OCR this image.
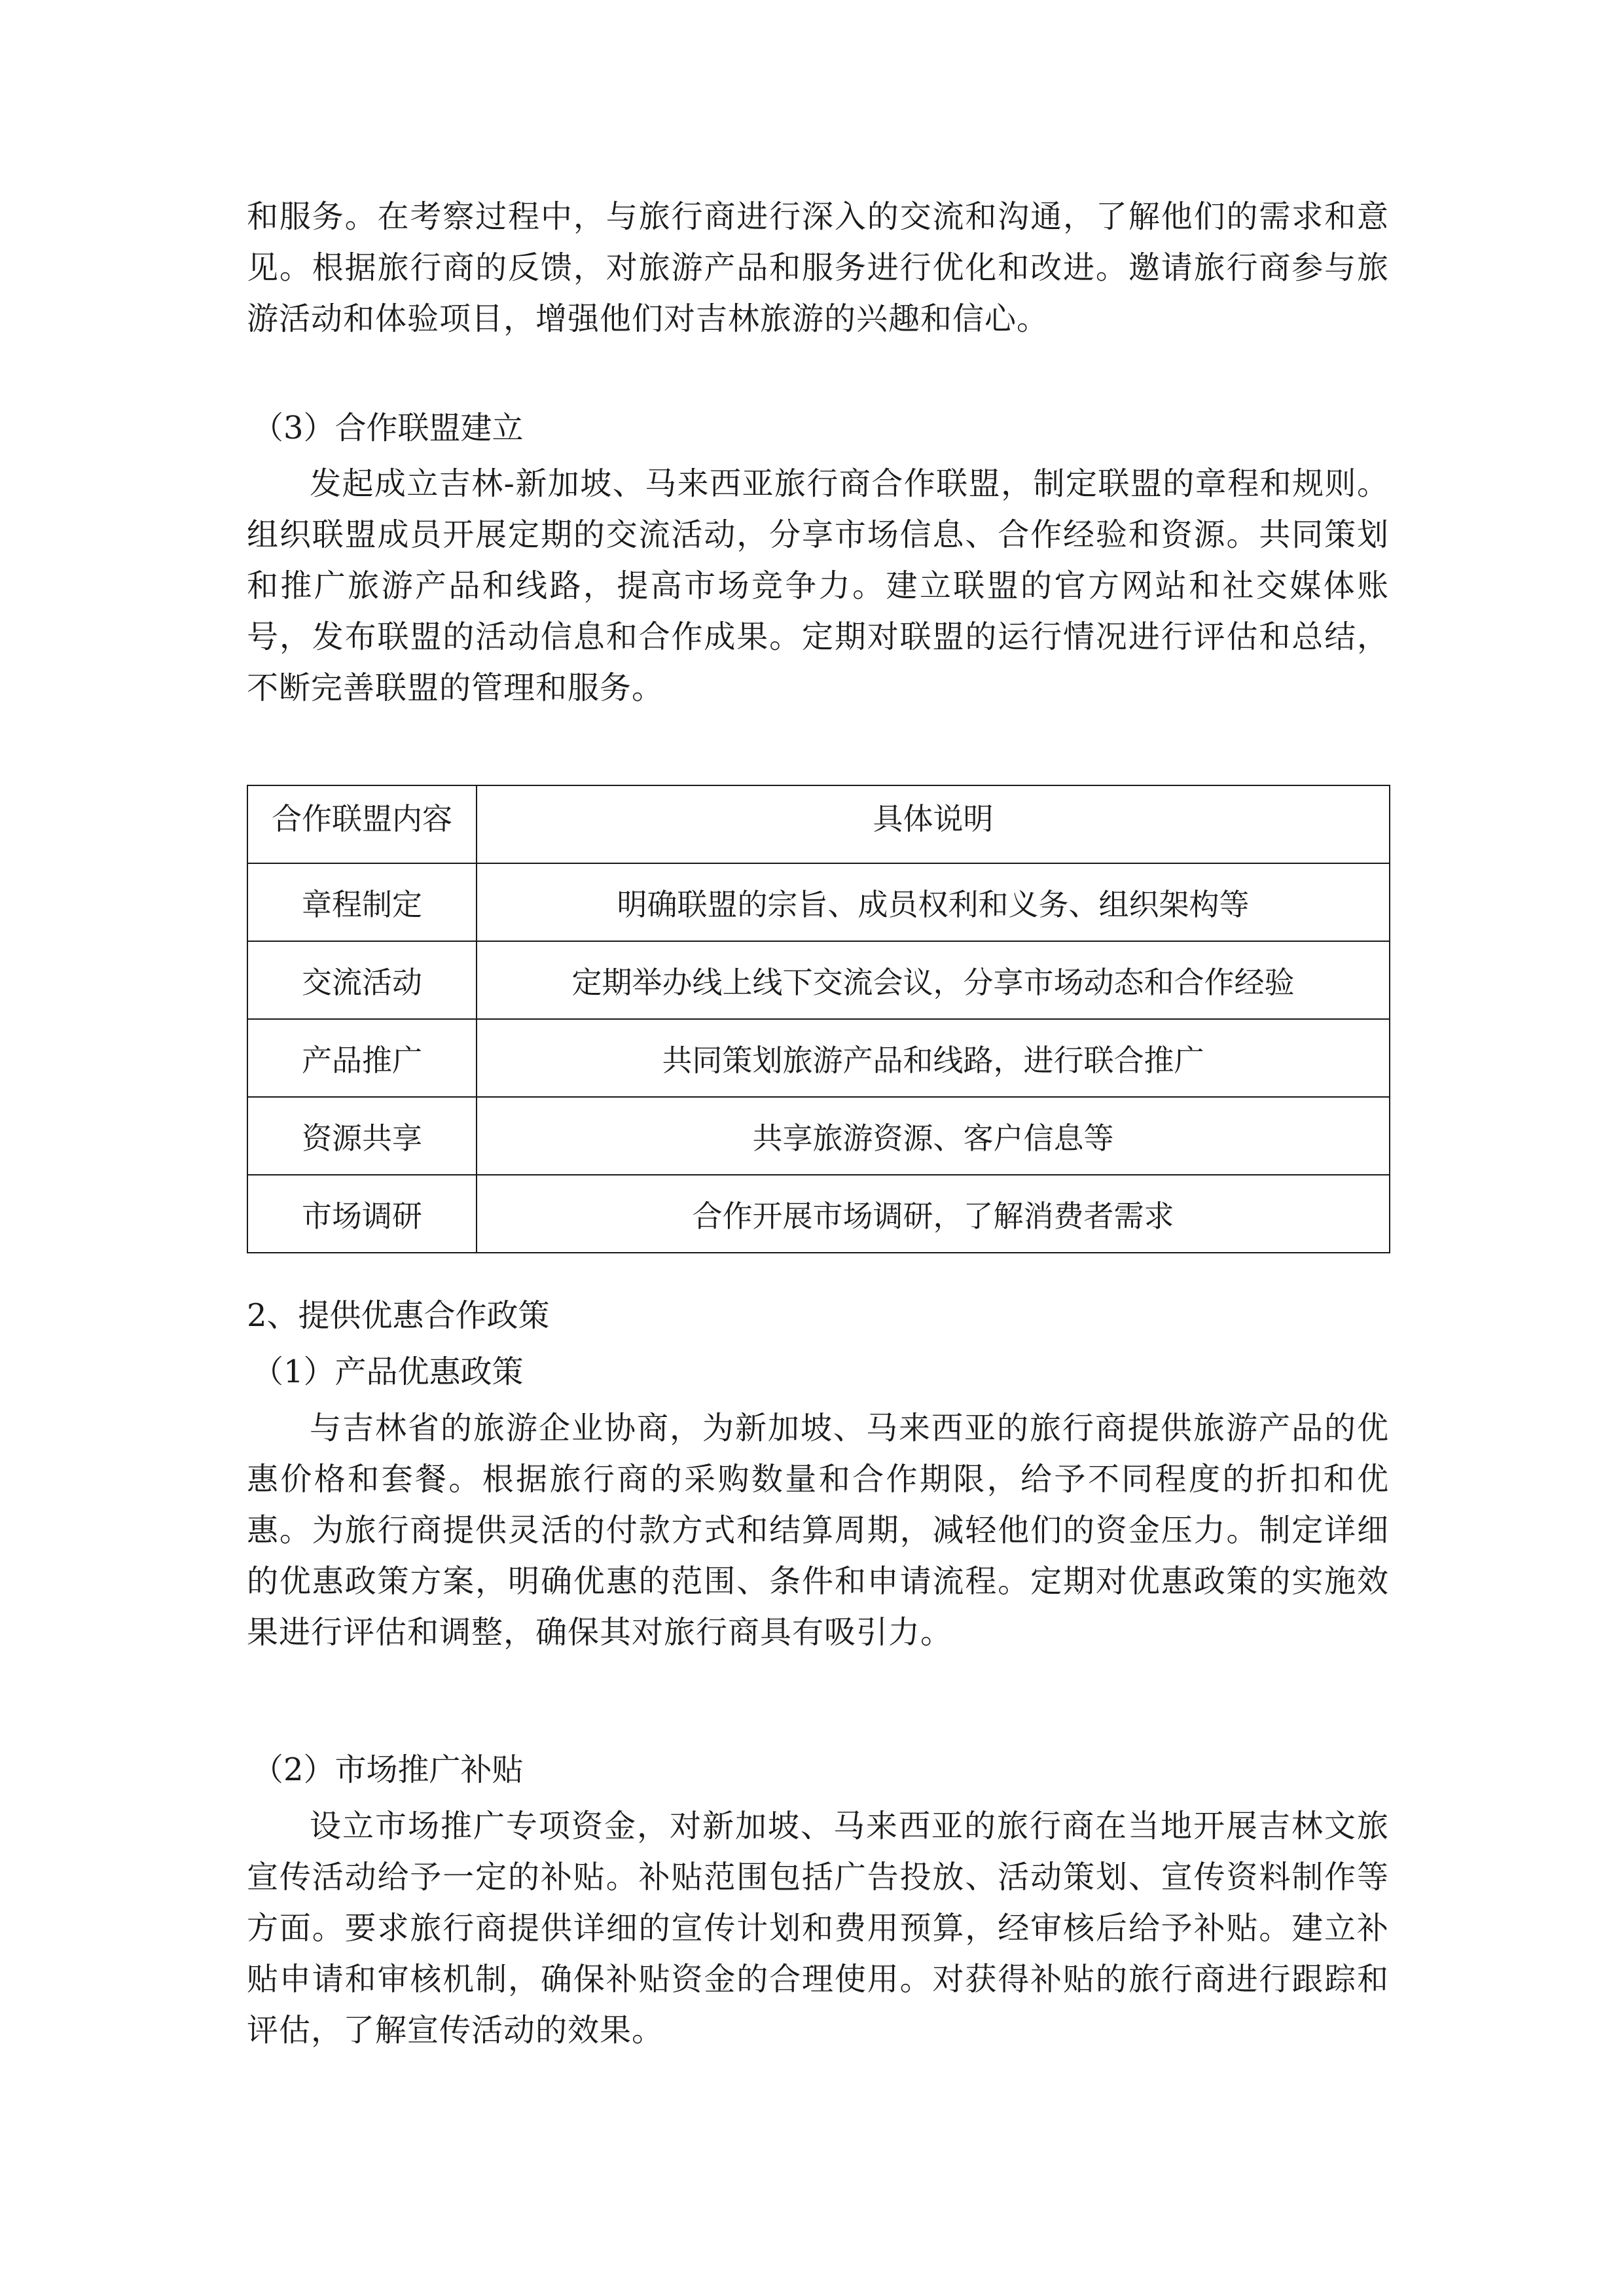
和服务。在考察过程中，与旅行商进行深入的交流和沟通，了解他们的需求和意见。根据旅行商的反馈，对旅游产品和服务进行优化和改进。邀请旅行商参与旅游活动和体验项目，增强他们对吉林旅游的兴趣和信心。

（3）合作联盟建立

发起成立吉林-新加坡、马来西亚旅行商合作联盟，制定联盟的章程和规则。组织联盟成员开展定期的交流活动，分享市场信息、合作经验和资源。共同策划和推广旅游产品和线路，提高市场竞争力。建立联盟的官方网站和社交媒体账号，发布联盟的活动信息和合作成果。定期对联盟的运行情况进行评估和总结，不断完善联盟的管理和服务。

合作联盟内容	具体说明
章程制定	明确联盟的宗旨、成员权利和义务、组织架构等
交流活动	定期举办线上线下交流会议，分享市场动态和合作经验
产品推广	共同策划旅游产品和线路，进行联合推广
资源共享	共享旅游资源、客户信息等
市场调研	合作开展市场调研，了解消费者需求

2、提供优惠合作政策

（1）产品优惠政策

与吉林省的旅游企业协商，为新加坡、马来西亚的旅行商提供旅游产品的优惠价格和套餐。根据旅行商的采购数量和合作期限，给予不同程度的折扣和优惠。为旅行商提供灵活的付款方式和结算周期，减轻他们的资金压力。制定详细的优惠政策方案，明确优惠的范围、条件和申请流程。定期对优惠政策的实施效果进行评估和调整，确保其对旅行商具有吸引力。

（2）市场推广补贴

设立市场推广专项资金，对新加坡、马来西亚的旅行商在当地开展吉林文旅宣传活动给予一定的补贴。补贴范围包括广告投放、活动策划、宣传资料制作等方面。要求旅行商提供详细的宣传计划和费用预算，经审核后给予补贴。建立补贴申请和审核机制，确保补贴资金的合理使用。对获得补贴的旅行商进行跟踪和评估，了解宣传活动的效果。
